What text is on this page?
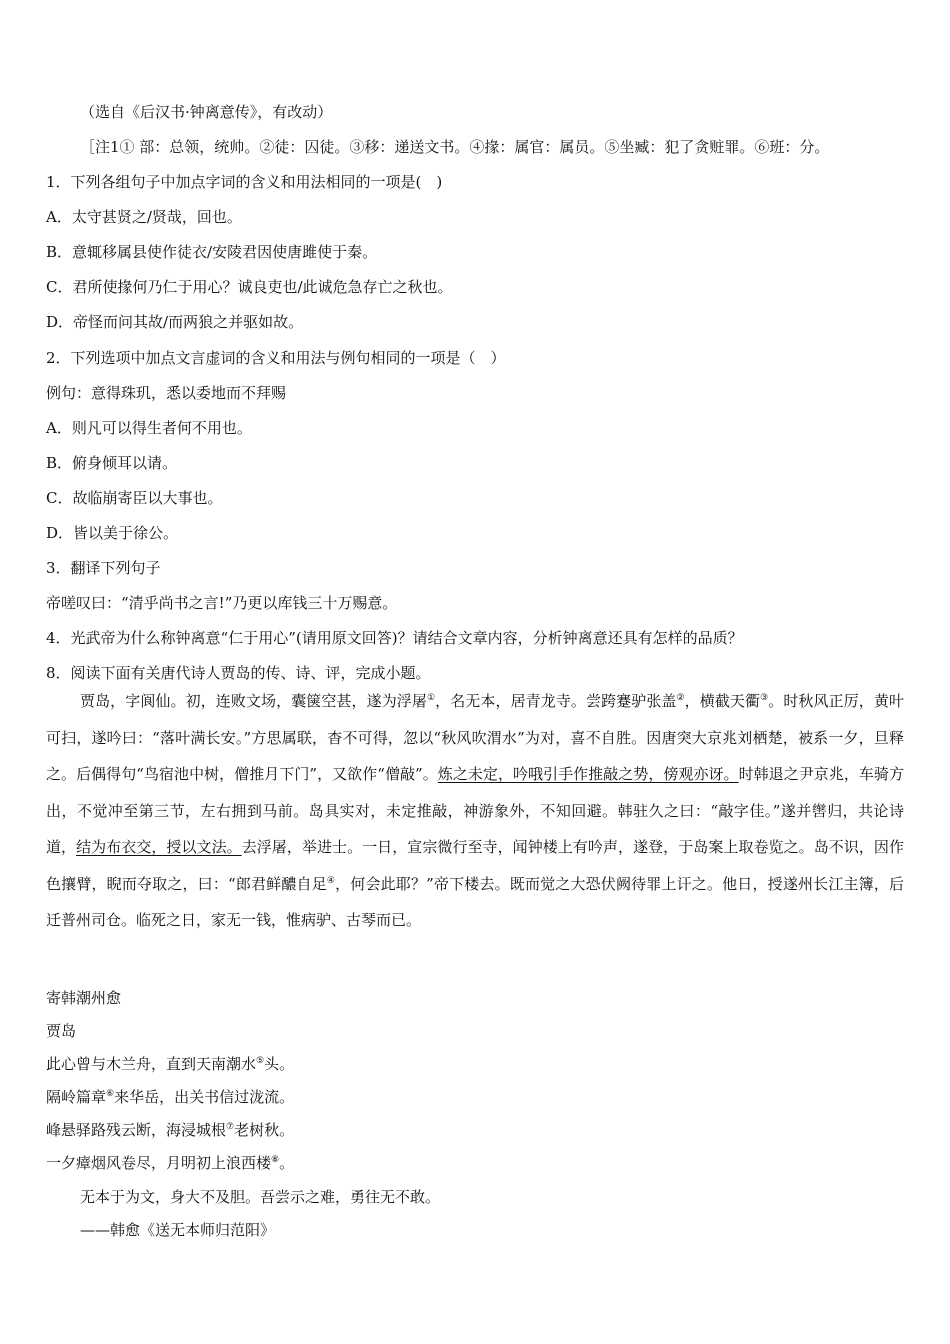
（选自《后汉书·钟离意传》，有改动）
［注1① 部：总领，统帅。②徒：囚徒。③移：递送文书。④掾：属官：属员。⑤坐臧：犯了贪赃罪。⑥班：分。
1．下列各组句子中加点字词的含义和用法相同的一项是(　)
A．太守甚贤之/贤哉，回也。
B．意辄移属县使作徒衣/安陵君因使唐雎使于秦。
C．君所使掾何乃仁于用心？诚良吏也/此诚危急存亡之秋也。
D．帝怪而问其故/而两狼之并驱如故。
2．下列选项中加点文言虚词的含义和用法与例句相同的一项是（　）
例句：意得珠玑，悉以委地而不拜赐
A．则凡可以得生者何不用也。
B．俯身倾耳以请。
C．故临崩寄臣以大事也。
D．皆以美于徐公。
3．翻译下列句子
帝嗟叹曰：“清乎尚书之言!”乃更以库钱三十万赐意。
4．光武帝为什么称钟离意“仁于用心”(请用原文回答)？请结合文章内容，分析钟离意还具有怎样的品质？
8．阅读下面有关唐代诗人贾岛的传、诗、评，完成小题。
贾岛，字阆仙。初，连败文场，囊箧空甚，遂为浮屠①，名无本，居青龙寺。尝跨蹇驴张盖②，横截天衢③。时秋风正厉，黄叶可扫，遂吟曰：“落叶满长安。”方思属联，杳不可得，忽以“秋风吹渭水”为对，喜不自胜。因唐突大京兆刘栖楚，被系一夕，旦释之。后偶得句“鸟宿池中树，僧推月下门”，又欲作“僧敲”。炼之未定，吟哦引手作推敲之势，傍观亦讶。时韩退之尹京兆，车骑方出，不觉冲至第三节，左右拥到马前。岛具实对，未定推敲，神游象外，不知回避。韩驻久之曰：“敲字佳。”遂并辔归，共论诗道，结为布衣交，授以文法。去浮屠，举进士。一日，宣宗微行至寺，闻钟楼上有吟声，遂登，于岛案上取卷览之。岛不识，因作色攘臂，睨而夺取之，曰：“郎君鲜醲自足④，何会此耶？”帝下楼去。既而觉之大恐伏阙待罪上讦之。他日，授遂州长江主簿，后迁普州司仓。临死之日，家无一钱，惟病驴、古琴而已。
寄韩潮州愈
贾岛
此心曾与木兰舟，直到天南潮水⑤头。
隔岭篇章⑥来华岳，出关书信过泷流。
峰悬驿路残云断，海浸城根⑦老树秋。
一夕瘴烟风卷尽，月明初上浪西楼⑧。
无本于为文，身大不及胆。吾尝示之难，勇往无不敢。
——韩愈《送无本师归范阳》
